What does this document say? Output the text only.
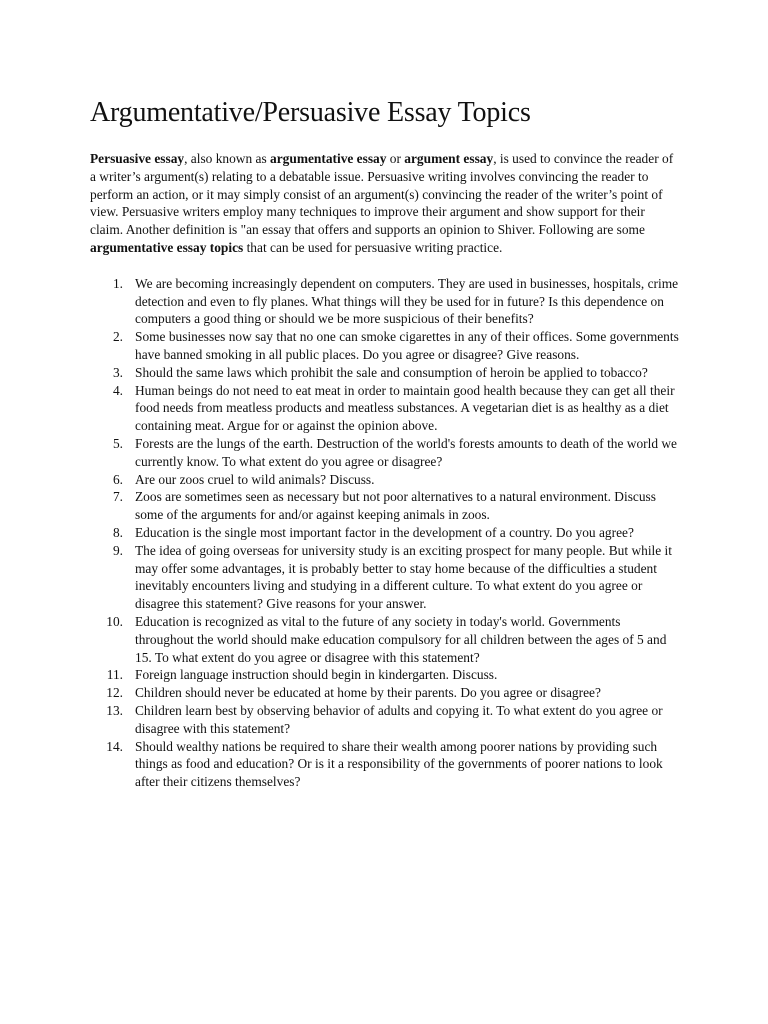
Argumentative/Persuasive Essay Topics

Persuasive essay, also known as argumentative essay or argument essay, is used to convince the reader of a writer’s argument(s) relating to a debatable issue. Persuasive writing involves convincing the reader to perform an action, or it may simply consist of an argument(s) convincing the reader of the writer’s point of view. Persuasive writers employ many techniques to improve their argument and show support for their claim. Another definition is "an essay that offers and supports an opinion to Shiver. Following are some argumentative essay topics that can be used for persuasive writing practice.

1. We are becoming increasingly dependent on computers. They are used in businesses, hospitals, crime detection and even to fly planes. What things will they be used for in future? Is this dependence on computers a good thing or should we be more suspicious of their benefits?
2. Some businesses now say that no one can smoke cigarettes in any of their offices. Some governments have banned smoking in all public places. Do you agree or disagree? Give reasons.
3. Should the same laws which prohibit the sale and consumption of heroin be applied to tobacco?
4. Human beings do not need to eat meat in order to maintain good health because they can get all their food needs from meatless products and meatless substances. A vegetarian diet is as healthy as a diet containing meat. Argue for or against the opinion above.
5. Forests are the lungs of the earth. Destruction of the world's forests amounts to death of the world we currently know. To what extent do you agree or disagree?
6. Are our zoos cruel to wild animals? Discuss.
7. Zoos are sometimes seen as necessary but not poor alternatives to a natural environment. Discuss some of the arguments for and/or against keeping animals in zoos.
8. Education is the single most important factor in the development of a country. Do you agree?
9. The idea of going overseas for university study is an exciting prospect for many people. But while it may offer some advantages, it is probably better to stay home because of the difficulties a student inevitably encounters living and studying in a different culture. To what extent do you agree or disagree this statement? Give reasons for your answer.
10. Education is recognized as vital to the future of any society in today's world. Governments throughout the world should make education compulsory for all children between the ages of 5 and 15. To what extent do you agree or disagree with this statement?
11. Foreign language instruction should begin in kindergarten. Discuss.
12. Children should never be educated at home by their parents. Do you agree or disagree?
13. Children learn best by observing behavior of adults and copying it. To what extent do you agree or disagree with this statement?
14. Should wealthy nations be required to share their wealth among poorer nations by providing such things as food and education? Or is it a responsibility of the governments of poorer nations to look after their citizens themselves?
